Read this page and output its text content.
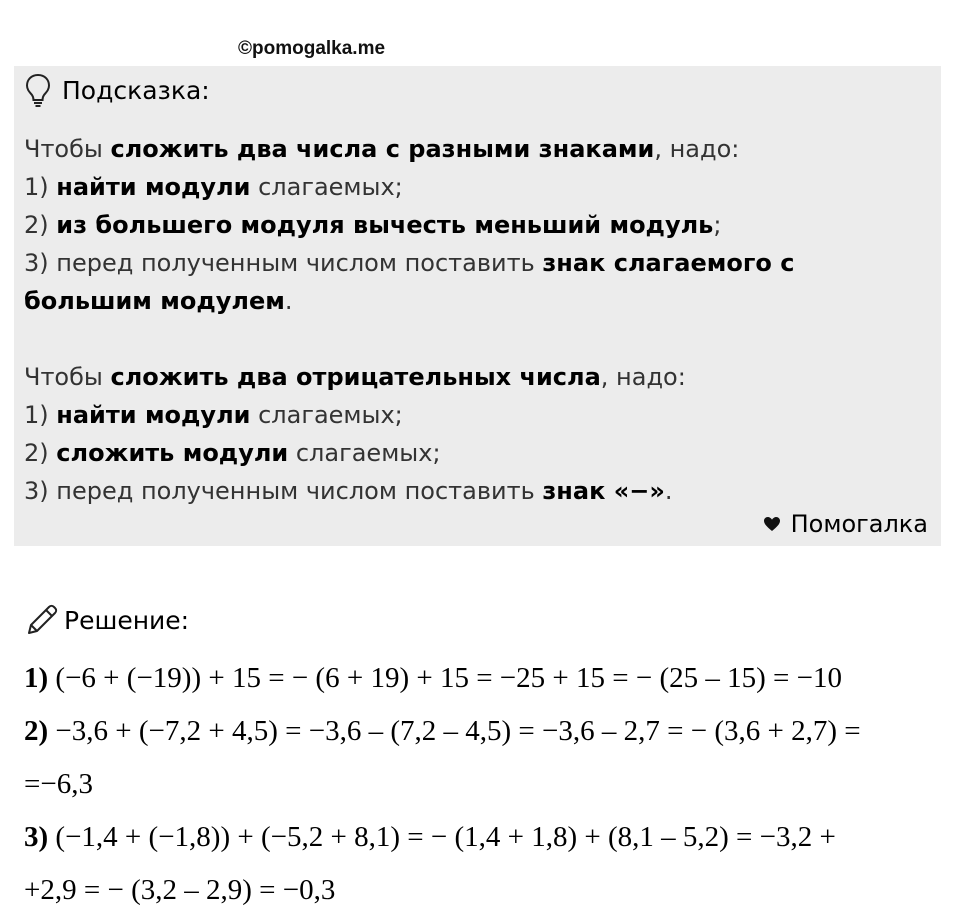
©pomogalka.me
Подсказка:

Чтобы сложить два числа с разными знаками, надо:

1) найти модули слагаемых;

2) из большего модуля вычесть меньший модуль;

3) перед полученным числом поставить знак слагаемого с большим модулем.

Чтобы сложить два отрицательных числа, надо:

1) найти модули слагаемых;

2) сложить модули слагаемых;

3) перед полученным числом поставить знак «−».

Помогалка
Решение:
1) (−6 + (−19)) + 15 = − (6 + 19) + 15 = −25 + 15 = − (25 – 15) = −10
2) −3,6 + (−7,2 + 4,5) = −3,6 – (7,2 – 4,5) = −3,6 – 2,7 = − (3,6 + 2,7) =
=−6,3
3) (−1,4 + (−1,8)) + (−5,2 + 8,1) = − (1,4 + 1,8) + (8,1 – 5,2) = −3,2 +
+2,9 = − (3,2 – 2,9) = −0,3
